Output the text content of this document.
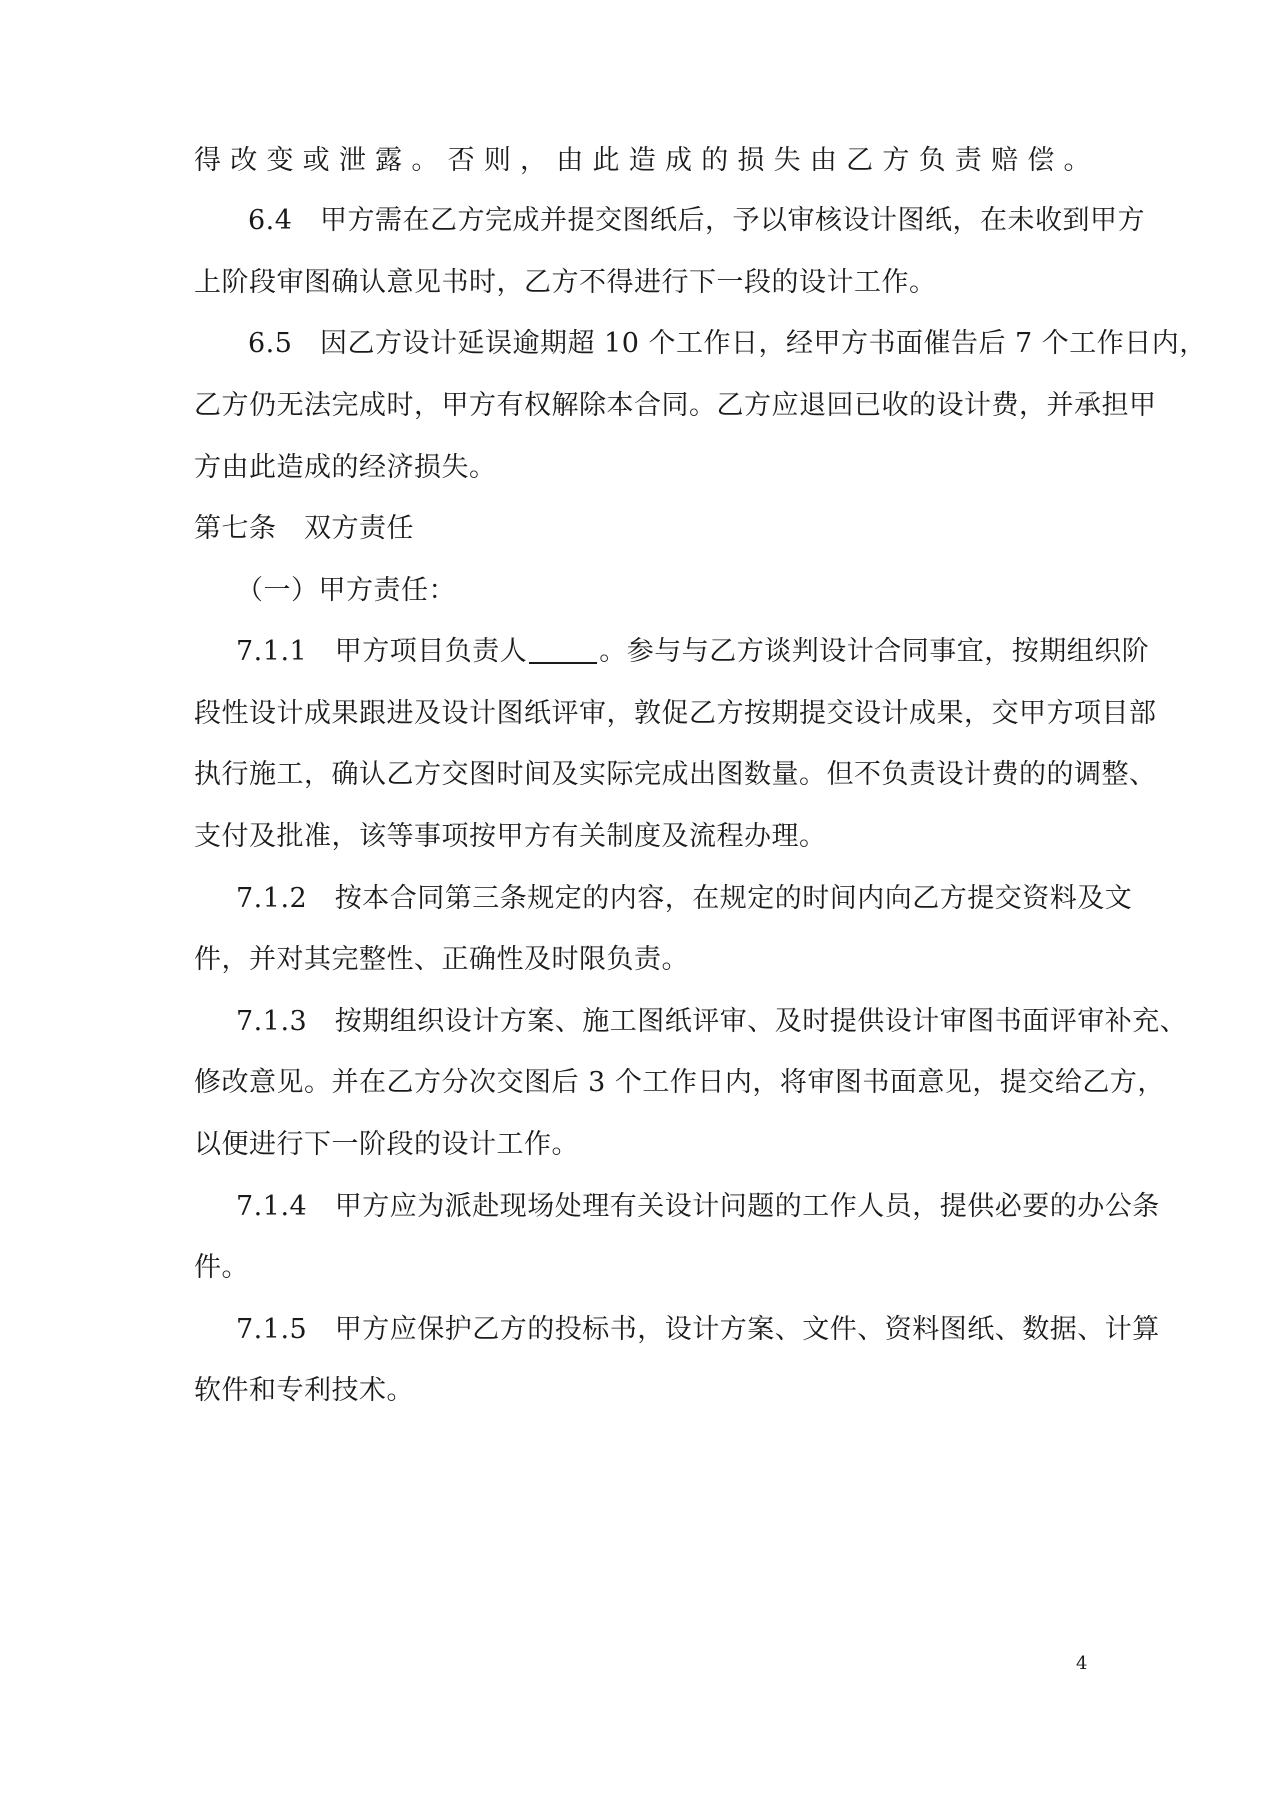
得改变或泄露。否则，由此造成的损失由乙方负责赔偿。

6.4　甲方需在乙方完成并提交图纸后，予以审核设计图纸，在未收到甲方

上阶段审图确认意见书时，乙方不得进行下一段的设计工作。

6.5　因乙方设计延误逾期超 10 个工作日，经甲方书面催告后 7 个工作日内，

乙方仍无法完成时，甲方有权解除本合同。乙方应退回已收的设计费，并承担甲

方由此造成的经济损失。

第七条　双方责任

（一）甲方责任：

7.1.1　甲方项目负责人	。参与与乙方谈判设计合同事宜，按期组织阶

段性设计成果跟进及设计图纸评审，敦促乙方按期提交设计成果，交甲方项目部

执行施工，确认乙方交图时间及实际完成出图数量。但不负责设计费的的调整、

支付及批准，该等事项按甲方有关制度及流程办理。

7.1.2　按本合同第三条规定的内容，在规定的时间内向乙方提交资料及文

件，并对其完整性、正确性及时限负责。

7.1.3　按期组织设计方案、施工图纸评审、及时提供设计审图书面评审补充、

修改意见。并在乙方分次交图后 3 个工作日内，将审图书面意见，提交给乙方，

以便进行下一阶段的设计工作。

7.1.4　甲方应为派赴现场处理有关设计问题的工作人员，提供必要的办公条

件。

7.1.5　甲方应保护乙方的投标书，设计方案、文件、资料图纸、数据、计算

软件和专利技术。

4
